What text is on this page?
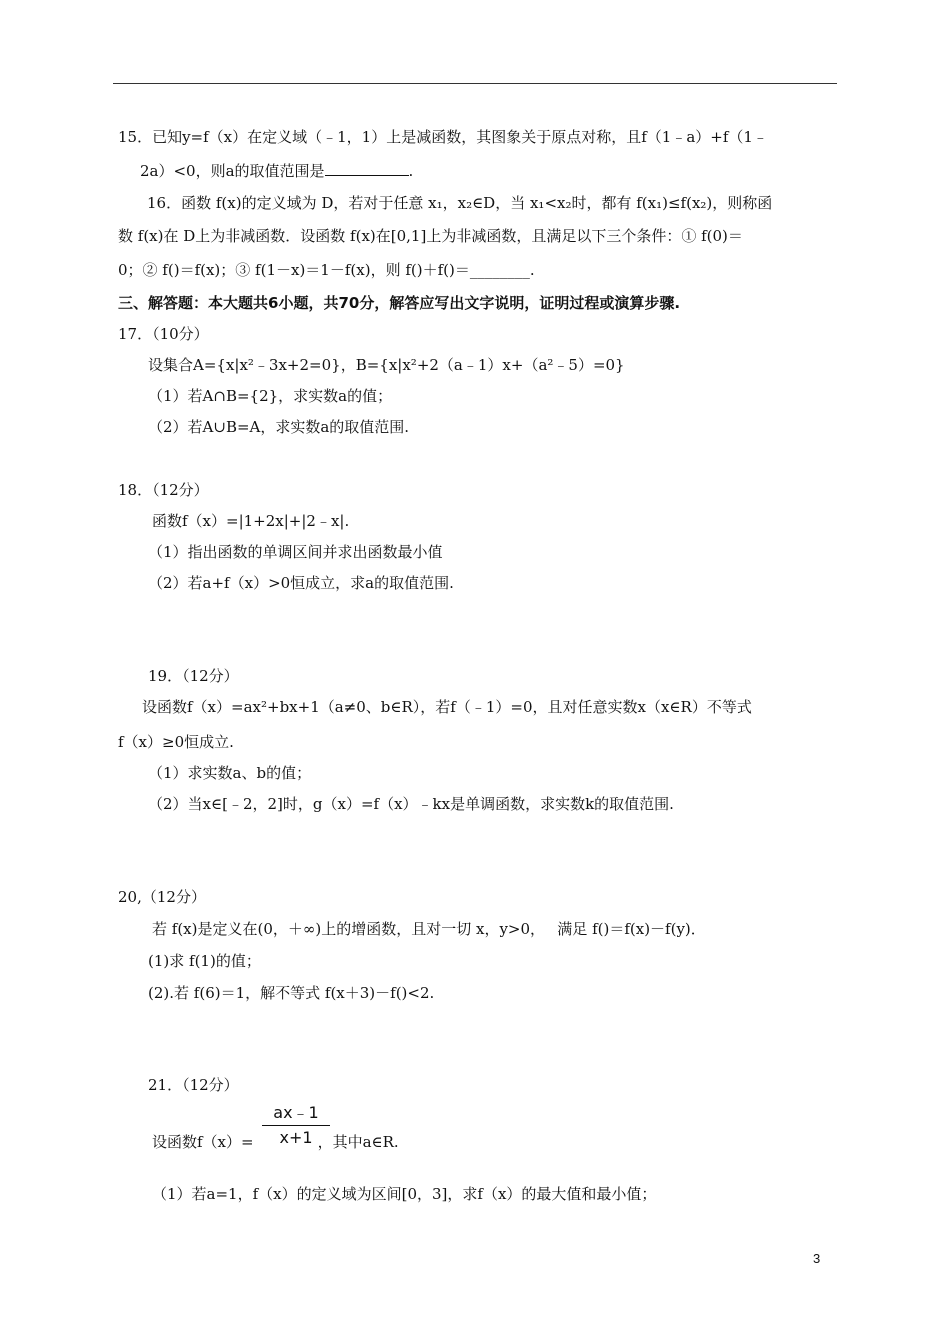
15．已知y=f（x）在定义域（﹣1，1）上是减函数，其图象关于原点对称，且f（1﹣a）+f（1﹣
2a）<0，则a的取值范围是	.
16．函数 f(x)的定义域为 D，若对于任意 x₁，x₂∈D，当 x₁<x₂时，都有 f(x₁)≤f(x₂)，则称函
数 f(x)在 D上为非减函数．设函数 f(x)在[0,1]上为非减函数，且满足以下三个条件：① f(0)＝
0；② f()＝f(x)；③ f(1－x)＝1－f(x)，则 f()＋f()＝________.
三、解答题：本大题共6小题，共70分，解答应写出文字说明，证明过程或演算步骤.
17．（10分）
设集合A={x|x²﹣3x+2=0}，B={x|x²+2（a﹣1）x+（a²﹣5）=0}
（1）若A∩B={2}，求实数a的值；
（2）若A∪B=A，求实数a的取值范围.
18．（12分）
函数f（x）=|1+2x|+|2﹣x|.
（1）指出函数的单调区间并求出函数最小值
（2）若a+f（x）>0恒成立，求a的取值范围.
19．（12分）
设函数f（x）=ax²+bx+1（a≠0、b∈R），若f（﹣1）=0，且对任意实数x（x∈R）不等式
f（x）≥0恒成立.
（1）求实数a、b的值；
（2）当x∈[﹣2，2]时，g（x）=f（x）﹣kx是单调函数，求实数k的取值范围.
20,（12分）
若 f(x)是定义在(0，＋∞)上的增函数，且对一切 x，y>0，　 满足 f()＝f(x)－f(y)．
(1)求 f(1)的值；
(2).若 f(6)＝1，解不等式 f(x＋3)－f()<2.
21．（12分）
设函数f（x）=	，其中a∈R.
ax﹣1
x+1
（1）若a=1，f（x）的定义域为区间[0，3]，求f（x）的最大值和最小值；
3
